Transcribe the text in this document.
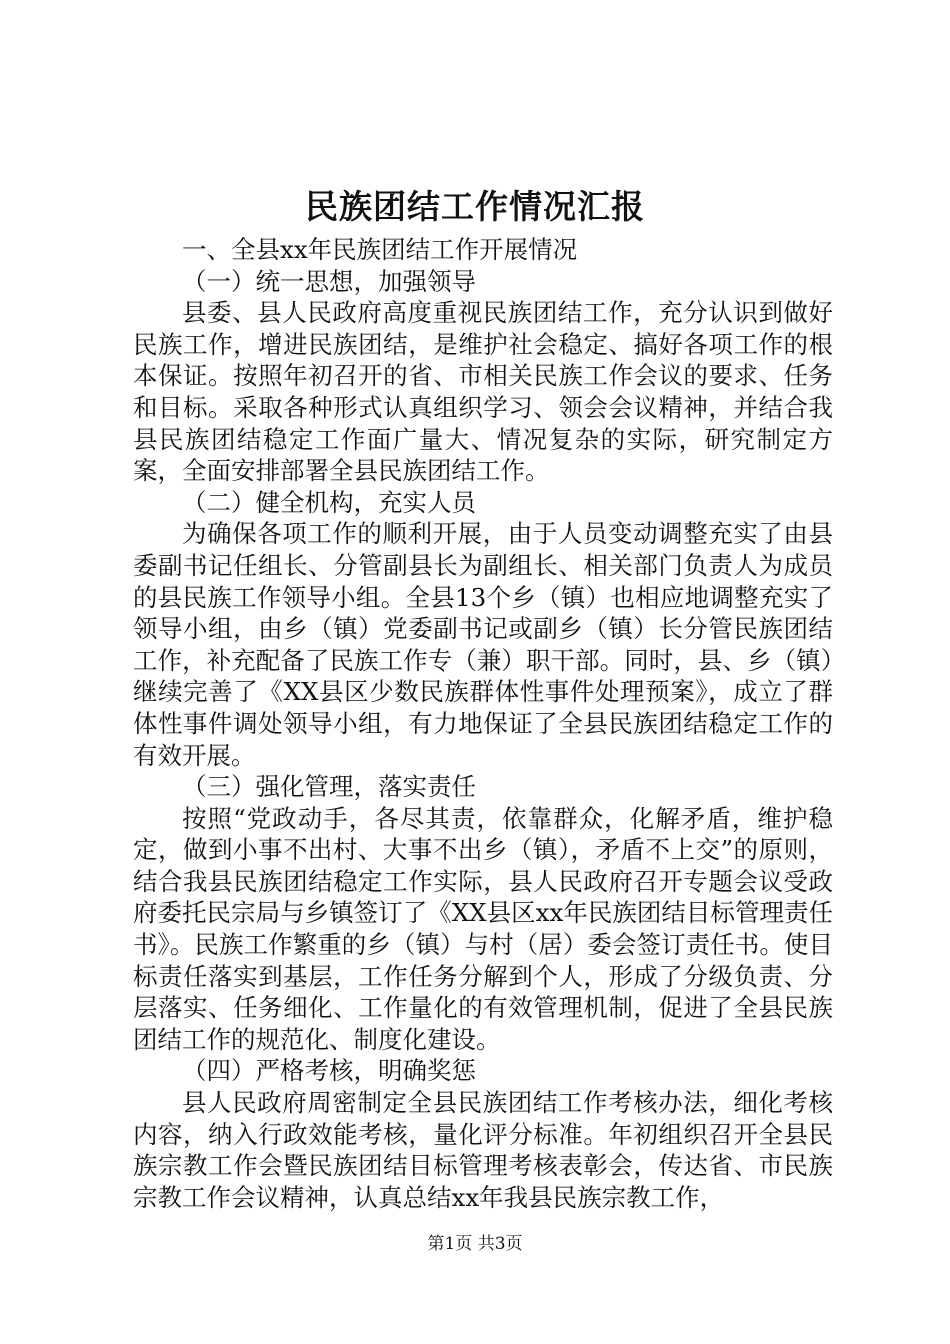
民族团结工作情况汇报

一、全县xx年民族团结工作开展情况

（一）统一思想，加强领导

县委、县人民政府高度重视民族团结工作，充分认识到做好民族工作，增进民族团结，是维护社会稳定、搞好各项工作的根本保证。按照年初召开的省、市相关民族工作会议的要求、任务和目标。采取各种形式认真组织学习、领会会议精神，并结合我县民族团结稳定工作面广量大、情况复杂的实际，研究制定方案，全面安排部署全县民族团结工作。

（二）健全机构，充实人员

为确保各项工作的顺利开展，由于人员变动调整充实了由县委副书记任组长、分管副县长为副组长、相关部门负责人为成员的县民族工作领导小组。全县13个乡（镇）也相应地调整充实了领导小组，由乡（镇）党委副书记或副乡（镇）长分管民族团结工作，补充配备了民族工作专（兼）职干部。同时，县、乡（镇）继续完善了《XX县区少数民族群体性事件处理预案》，成立了群体性事件调处领导小组，有力地保证了全县民族团结稳定工作的有效开展。

（三）强化管理，落实责任

按照“党政动手，各尽其责，依靠群众，化解矛盾，维护稳定，做到小事不出村、大事不出乡（镇），矛盾不上交”的原则，结合我县民族团结稳定工作实际，县人民政府召开专题会议受政府委托民宗局与乡镇签订了《XX县区xx年民族团结目标管理责任书》。民族工作繁重的乡（镇）与村（居）委会签订责任书。使目标责任落实到基层，工作任务分解到个人，形成了分级负责、分层落实、任务细化、工作量化的有效管理机制，促进了全县民族团结工作的规范化、制度化建设。

（四）严格考核，明确奖惩

县人民政府周密制定全县民族团结工作考核办法，细化考核内容，纳入行政效能考核，量化评分标准。年初组织召开全县民族宗教工作会暨民族团结目标管理考核表彰会，传达省、市民族宗教工作会议精神，认真总结xx年我县民族宗教工作，

第1页 共3页
